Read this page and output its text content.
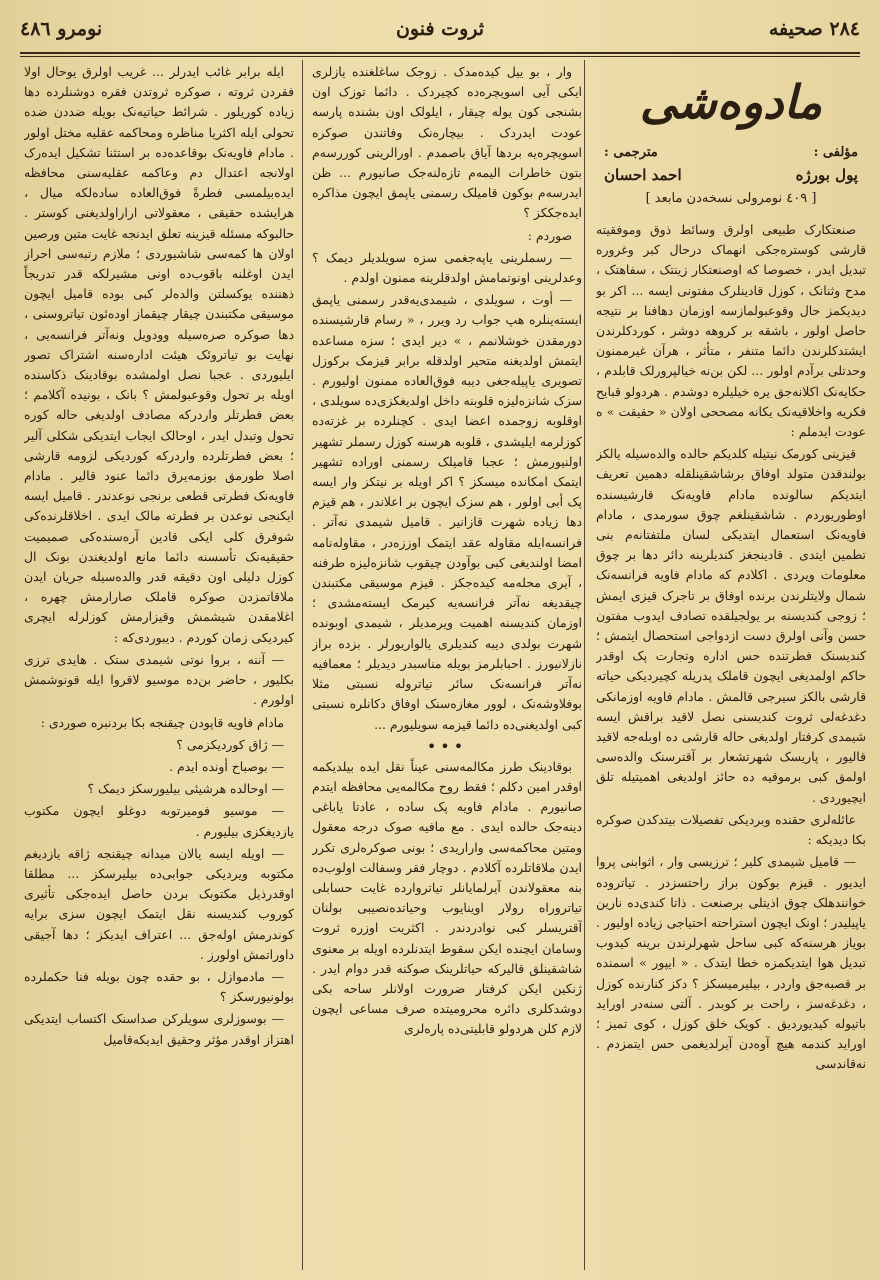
٢٨٤ صحيفه
ثروت فنون
نومرو ٤٨٦
مادوه‌شی
مؤلفی :
مترجمی :
پول بورژه
احمد احسان
[ ٤٠٩ نومرولی نسخه‌دن مابعد ]

صنعتکارک طبیعی اولرق وسائط ذوق وموفقیته قارشی کوستره‌جکی انهماک درحال کبر وغروره تبدیل ایدر ، خصوصا که اوصنعتکار زینتک ، سفاهتک ، مدح وثنانک ، کوزل قادینلرک مفتونی ایسه ... اکر بو دیدیکمز حال وقوعبولمازسه اوزمان دها‌فنا بر نتیجه حاصل اولور ، باشقه بر کروهه دوشر ، کوردکلرندن ایشتدکلرندن دائما متنفر ، متأثر ، هرآن غیرممنون وحدتلی برآدم اولور ... لکن بن‌نه خیالپرورلک قابلدم ، حکایه‌نک اکلانه‌جق یره خیلیلره دوشدم . هردولو قبایح فکریه واخلاقیه‌نک یکانه مصححی اولان « حقیقت » ه عودت ایدملم :

قیزینی کورمک نیتیله کلدیکم حالده والده‌سیله یالکز بولندقدن متولد اوفاق برشاشقینلقله دهمین تعریف ایتدیکم سالونده مادام فاویه‌نک قارشیسنده اوطوریوردم . شاشقینلغم چوق سورمدی ، مادام فاویه‌نک استعمال ایتدیکی لسان ملتفتانه‌م بنی تطمین ایتدی . قادینجغز کندیلرینه دائر دها بر چوق معلومات ویردی . اکلادم که مادام فاویه فرانسه‌نک شمال ولایتلرندن برنده اوفاق بر تاجرک قیزی ایمش ؛ زوجی کندیسنه بر یولجیلقده تصادف ایدوب مفتون حسن وآنی اولرق دست ازدواجی استحصال ایتمش ؛ کندیسنک فطرتنده حس اداره وتجارت پک اوقدر حاکم اولمدیغی ایچون قاملک پدریله کچیردیکی حیاته قارشی بالکز سیرجی قالمش . مادام فاویه اوزمانکی دغدغه‌لی ثروت کندیسنی نصل لاقید براقش ایسه شیمدی کرفتار اولدیغی حاله قارشی ده اوبله‌جه لاقید قالیور ، پاریسک شهرتشعار بر آقترسنک والده‌سی اولمق کبی برموقیه ده حائز اولدیغی اهمیتیله تلق ایچیوردی .

عائله‌لری حقنده وبردیکی تفصیلات بیتدکدن صوکره بکا دیدیکه :

— قامیل شیمدی کلیر ؛ ترزیسی وار ، اثوابنی پروا ایدیور . قیزم بوکون براز راحتسزدر . تیاتروده خوانندهلک چوق اذیتلی برصنعت . ذاتا کندی‌ده نارین یاپیلیدر ؛ اونک ایچون استراحته احتیاجی زیاده اولیور . بویاز هرسنه‌که کبی ساحل شهرلرندن برینه کیدوب تبدیل هوا ایتدیکمزه خطا ایتدک . « ایپور » اسمنده بر قصبه‌جق واردر ، بیلیرمیسکز ؟ دکز کنارنده کوزل ، دغدغه‌سز ، راحت بر کوبدر . آلتی سنه‌در اوراید باتیوله کیدیوردیق . کویک خلق کوزل ، کوی تمیز ؛ اوراید کندمه هیچ آوه‌دن آیرلدیغمی حس ایتمزدم . نه‌قاندسی

وار ، بو ییل کیده‌مدک . زوجک ساغلغنده یازلری ایکی آیی اسویچره‌ده کچیردک . دائما توزک اون بشنجی کون یوله چیقار ، ایلولک اون بشنده پارسه عودت ایدردک . بیچاره‌نک وفاتندن صوکره اسویچره‌یه بردها آیاق باصمدم . اورالرینی کوررسه‌م بتون خاطرات الیمه‌م تازه‌لنه‌جک صانیورم ... ظن ایدرسه‌م بوکون قامیلک رسمنی یاپمق ایچون مذاکره ایده‌جککز ؟

صوردم :

— رسملرینی یاپه‌جغمی سزه سویلدیلر دیمک ؟ وعدلرینی اونوتمامش اولدقلرینه ممنون اولدم .

— أوت ، سویلدی ، شیمدی‌یه‌قدر رسمنی یاپمق ایسته‌ینلره هپ جواب رد ویرر ، « رسام قارشیسنده دورمقدن خوشلانمم ، » دیر ایدی ؛ سزه مساعده ایتمش اولدیغنه متحیر اولدقله برابر قیزمک برکوزل تصویری یاپیله‌جغی دیبه فوق‌العاده ممنون اولیورم . سزک شانزه‌لیزه قلوبنه داخل اولدیغکزی‌ده سویلدی ، اوقلوبه زوجمده اعضا ایدی . کچنلرده بر غزته‌ده کوزلرمه ایلیشدی ، قلوبه هرسنه کوزل رسملر تشهیر اولنیورمش ؛ عجبا قامیلک رسمنی اوراده تشهیر ایتمک امکانده میسکز ؟ اکر اویله بر نیتکز وار ایسه پک أبی اولور ، هم سزک ایچون بر اعلاندر ، هم قیزم دها زیاده شهرت قازانیر . قامیل شیمدی نه‌آتر . فرانسه‌ایله مقاوله عقد ایتمک اوززه‌در ، مقاوله‌نامه امضا اولندیغی کبی بوآودن چیقوب شانزه‌لیزه طرفنه ، آیری محله‌مه کیده‌جکز . قیزم موسیقی مکتبندن چیقدیغه نه‌آتر فرانسه‌یه کیرمک ایسته‌مشدی ؛ اوزمان کندیسنه اهمیت ویرمدیلر ، شیمدی اوبونده شهرت بولدی دیبه کندیلری یالواریورلر . بزده براز نازلانیورز . احبابلرمز بویله مناسبدر دیدیلر ؛ معمافیه نه‌آتر فرانسه‌نک سائر تیاتروله نسبتی مثلا بوفلاوشه‌نک ، لوور مغازه‌سنک اوفاق دکانلره نسبتی کبی اولدیغنی‌ده دائما قیزمه سویلیورم ...

•••

بوقادینک طرز مکالمه‌سنی عیناً نقل ایده بیلدیکمه اوقدر امین دکلم ؛ فقط روح مکالمه‌یی محافظه ایتدم صانیورم . مادام فاویه پک ساده ، عادتا یاباغی دینه‌جک حالده ایدی . مع مافیه صوک درجه معقول ومتین محاکمه‌سی واراریدی ؛ بونی صوکره‌لری تکرر ایدن ملاقاتلرده آکلادم . دوچار فقر وسفالت اولوب‌ده بنه معقولاندن آیرلمایانلر تیاتروارده غایت حسابلی تیاتروراه رولار اوینایوب وحیاتده‌نصیبی بولنان آقتریسلر کبی نوادردندر . اکثریت اوزره ثروت وسامان ایچنده ایکن سقوط ایتدنلرده اویله بر معنوی شاشقینلق قالیرکه حیاتلرینک صوکنه قدر دوام ایدر . ژنکین ایکن کرفتار ضرورت اولانلر ساحه بکی دوشدکلری دائره محرومیتده صرف مساعی ایچون لازم کلن هردولو قابلیتی‌ده پاره‌لری

ایله برابر غائب ایدرلر ... غریب اولرق یوحال اولا فقردن ثروته ، صوکره ثروتدن فقره دوشنلرده دها زیاده کوریلور . شرائط حیاتیه‌نک بویله ضددن ضده تحولی ایله اکثریا مناظره ومحاکمه عقلیه مختل اولور . مادام فاویه‌نک بوقاعده‌ده بر استثنا تشکیل ایده‌رک اولانجه اعتدال دم وعاکمه عقلیه‌سنی محافظه ایده‌بیلمسی فطرةً فوق‌العاده ساده‌لکه میال ، هرایشده حقیقی ، معقولاتی اراراولدیغنی کوستر . حالبوکه مسئله قیزینه تعلق ایدنجه غایت متین ورصین اولان ها کمه‌سی شاشیوردی ؛ ملازم رتبه‌سی احراز ایدن اوغلنه باقوب‌ده اونی مشیرلکه قدر تدریجاً ذهننده یوکسلتن والده‌لر کبی بوده قامیل ایچون موسیقی مکتبندن چیقار چیقماز اوده‌ئون تیاتروسنی ، دها صوکره صره‌سیله وودویل ونه‌آتر فرانسه‌یی ، نهایت بو تیاتروئک هیئت اداره‌سنه اشتراک تصور ایلیوردی . عجبا نصل اولمشده بوقادینک ذکاسنده اویله بر تحول وقوعبولمش ؟ بانک ، بونیده آکلامم ؛ بعض فطرتلر واردرکه مصادف اولدیغی حاله کوره تحول وتبدل ایدر ، اوحالک ایجاب ایتدیکی شکلی آلیر ؛ بعض فطرتلرده واردرکه کوردیکی لزومه قارشی اصلا طورمق بوزمه‌یرق دائما عنود قالیر . مادام فاویه‌نک فطرتی قطعی برنجی نوعدندر . قامیل ایسه ایکنجی نوعدن بر فطرته مالک ایدی . اخلاقلرنده‌کی شوفرق کلی ایکی قادین آره‌سنده‌کی صمیمیت حقیقیه‌نک تأسسنه دائما مانع اولدیغندن بونک ال کوزل دلیلی اون دقیقه قدر والده‌سیله جریان ایدن ملاقاتمزدن صوکره قاملک صارارمش چهره ، اغلامقدن شیشمش وقیزارمش کوزلرله ایچری کیردیکی زمان کوردم . دیبوردی‌که :

— آننه ، بروا نوتی شیمدی ستک . هایدی ترزی بکلیور ، حاضر بن‌ده موسیو لاقروا ایله قونوشمش اولورم .

مادام فاویه قاپودن چیقنجه بکا بردنبره صوردی :

— ژاق کوردیکزمی ؟

— بوصباح أونده ایدم .

— اوحالده هرشیئی بیلیورسکز دیمک ؟

— موسیو فومیرتوبه دوغلو ایچون مکتوب یازدیغکزی بیلیورم .

— اویله ایسه یالان میدانه چیقنجه ژاقه یازدیغم مکتوبه ویردیکی جوابی‌ده بیلیرسکز ... مطلقا اوقدرذیل مکتوبک بردن حاصل ایده‌جکی تأثیری کوروب کندیسنه نقل ایتمک ایچون سزی برایه کوندرمش اوله‌جق ... اعتراف ایدیکز ؛ دها آجیقی داوراتمش اولورز .

— مادموازل ، بو حقده چون بویله فنا حکملرده بولونیورسکز ؟

— بوسوزلری سویلرکن صداسنک اکتساب ایتدیکی اهتزاز اوقدر مؤثر وحقیق ایدیکه‌قامیل
